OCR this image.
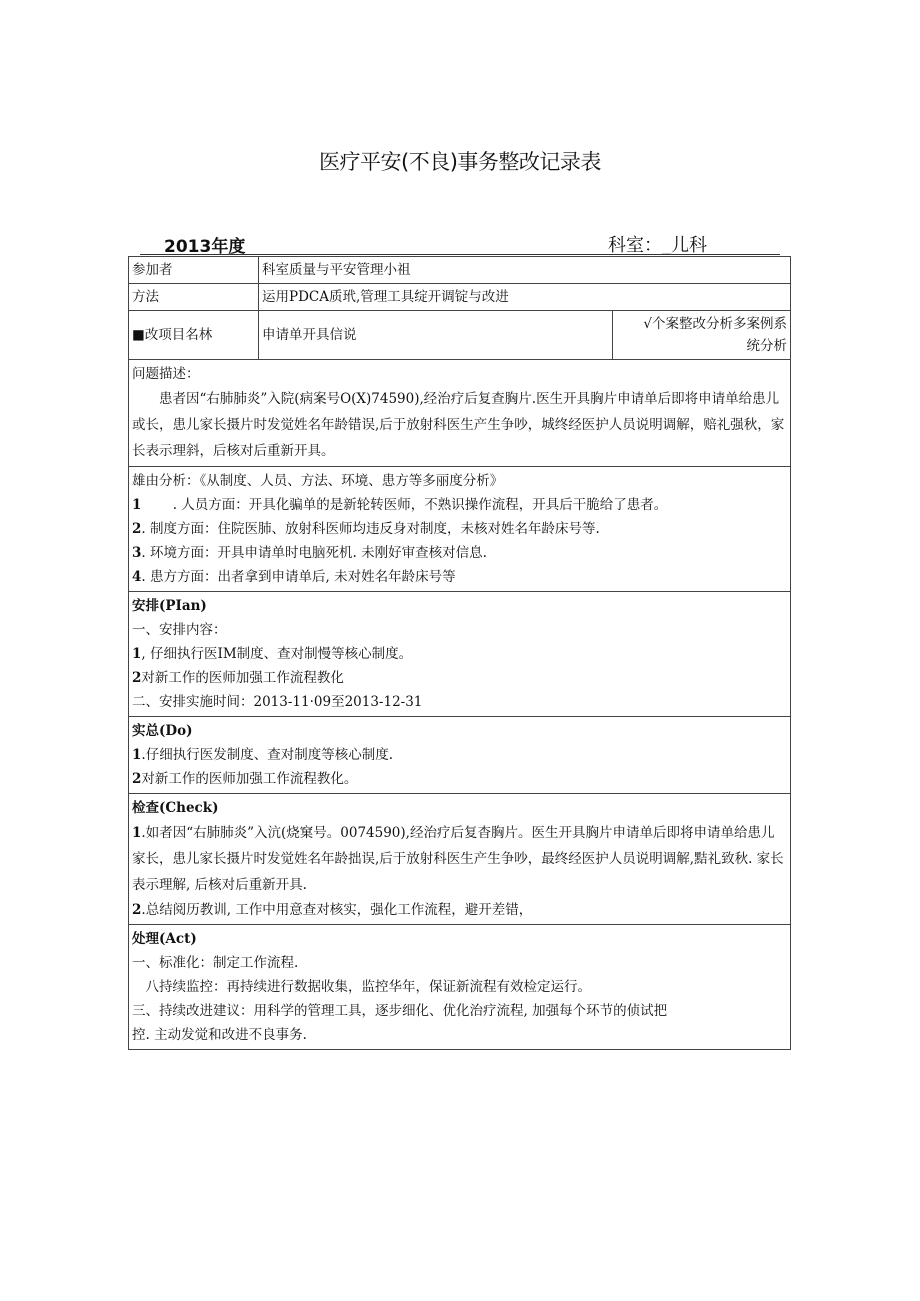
医疗平安(不良)事务整改记录表
2013年度	科室：_儿科
参加者	科室质量与平安管理小祖	
方法	运用PDCA质玳,管理工具绽开调锭与改进	
■改项目名林	申请单开具信说	√个案整改分析多案例系
统分析

问题描述：
患者因“右肺肺炎”入院(病案号O(X)74590),经治疗后复查胸片.医生开具胸片申请单后即将申请单给患儿或长，患儿家长摄片时发觉姓名年龄错误,后于放射科医生产生争吵，城终经医护人员说明调解，赔礼强秋，家长表示理斜，后核对后重新开具。		

雄由分析：《从制度、人员、方法、环境、患方等多丽度分析》
1　　 . 人员方面：开具化骗单的是新轮转医师，不熟识操作流程，开具后干脆给了患者。
2. 制度方面：住院医肺、放射科医师均违反身对制度，未核对姓名年龄床号等.
3. 环境方面：开具申请单时电脑死机. 未刚好审查核对信息.
4. 患方方面：出者拿到申请单后, 未对姓名年龄床号等		

安排(PIan)
一、安排内容：
1, 仔细执行医IM制度、查对制慢等核心制度。
2对新工作的医师加强工作流程教化
二、安排实施时间：2013-11·09至2013-12-31		

实总(Do)
1.仔细执行医发制度、查对制度等核心制度.
2对新工作的医师加强工作流程教化。		

检查(Check)
1.如者因“右肺肺炎”入沆(烧窠号。0074590),经治疗后复杳胸片。医生开具胸片申请单后即将申请单给患儿家长，患儿家长摄片时发觉姓名年龄拙误,后于放射科医生产生争吵，最终经医护人员说明调解,黠礼致秋. 家长表示理解, 后核对后重新开具.
2.总结阅历教训, 工作中用意查对核实，强化工作流程，避开差错，		

处理(Act)
一、标准化：制定工作流程.
八持续监控：再持续进行数据收集，监控华年，保证新流程有效检定运行。
三、持续改进建议：用科学的管理工具，逐步细化、优化治疗流程, 加强每个环节的侦试把
控. 主动发觉和改进不良事务.		
